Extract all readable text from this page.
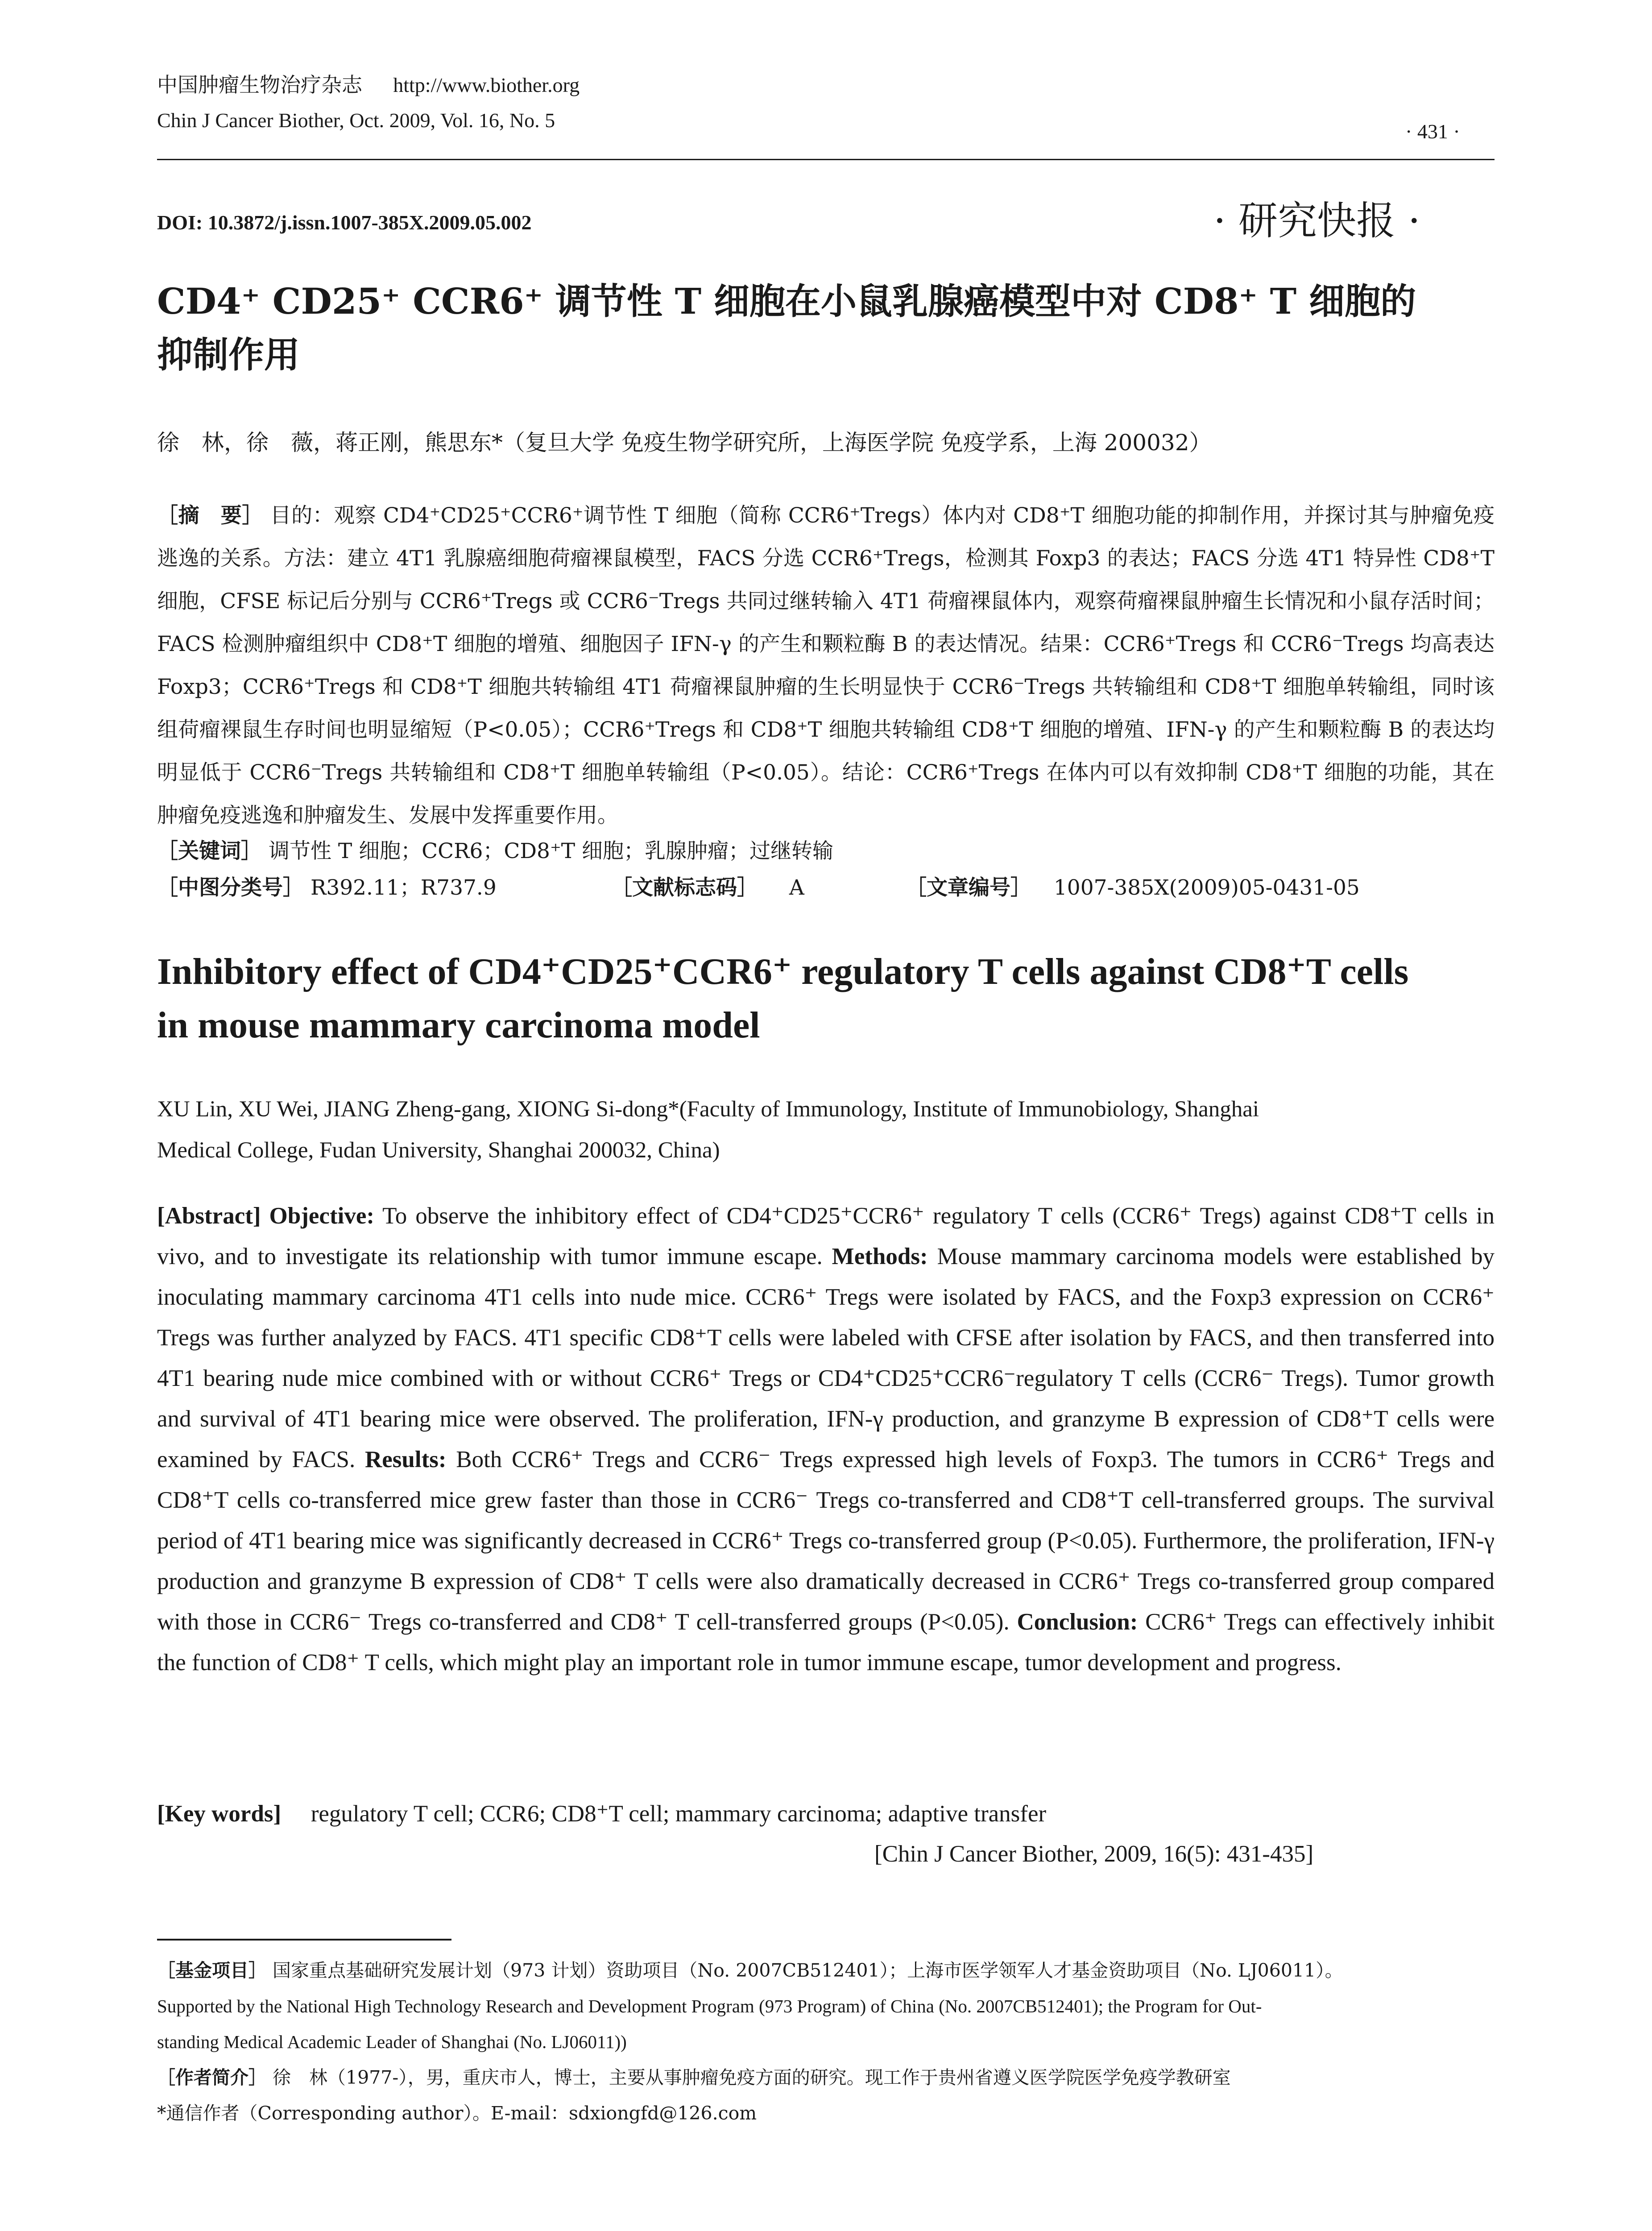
中国肿瘤生物治疗杂志 http://www.biother.org
Chin J Cancer Biother, Oct. 2009, Vol. 16, No. 5	· 431 ·
DOI: 10.3872/j.issn.1007-385X.2009.05.002	· 研究快报 ·
CD4⁺ CD25⁺ CCR6⁺ 调节性 T 细胞在小鼠乳腺癌模型中对 CD8⁺ T 细胞的
抑制作用
徐　林，徐　薇，蒋正刚，熊思东*（复旦大学 免疫生物学研究所，上海医学院 免疫学系，上海 200032）
［摘　要］ 目的：观察 CD4⁺CD25⁺CCR6⁺调节性 T 细胞（简称 CCR6⁺Tregs）体内对 CD8⁺T 细胞功能的抑制作用，并探讨其与肿瘤免疫逃逸的关系。方法：建立 4T1 乳腺癌细胞荷瘤裸鼠模型，FACS 分选 CCR6⁺Tregs，检测其 Foxp3 的表达；FACS 分选 4T1 特异性 CD8⁺T 细胞，CFSE 标记后分别与 CCR6⁺Tregs 或 CCR6⁻Tregs 共同过继转输入 4T1 荷瘤裸鼠体内，观察荷瘤裸鼠肿瘤生长情况和小鼠存活时间；FACS 检测肿瘤组织中 CD8⁺T 细胞的增殖、细胞因子 IFN-γ 的产生和颗粒酶 B 的表达情况。结果：CCR6⁺Tregs 和 CCR6⁻Tregs 均高表达 Foxp3；CCR6⁺Tregs 和 CD8⁺T 细胞共转输组 4T1 荷瘤裸鼠肿瘤的生长明显快于 CCR6⁻Tregs 共转输组和 CD8⁺T 细胞单转输组，同时该组荷瘤裸鼠生存时间也明显缩短（P<0.05）；CCR6⁺Tregs 和 CD8⁺T 细胞共转输组 CD8⁺T 细胞的增殖、IFN-γ 的产生和颗粒酶 B 的表达均明显低于 CCR6⁻Tregs 共转输组和 CD8⁺T 细胞单转输组（P<0.05）。结论：CCR6⁺Tregs 在体内可以有效抑制 CD8⁺T 细胞的功能，其在肿瘤免疫逃逸和肿瘤发生、发展中发挥重要作用。
［关键词］ 调节性 T 细胞；CCR6；CD8⁺T 细胞；乳腺肿瘤；过继转输
［中图分类号］ R392.11；R737.9	［文献标志码］ A	［文章编号］ 1007-385X(2009)05-0431-05
Inhibitory effect of CD4⁺CD25⁺CCR6⁺ regulatory T cells against CD8⁺T cells
in mouse mammary carcinoma model
XU Lin, XU Wei, JIANG Zheng-gang, XIONG Si-dong*(Faculty of Immunology, Institute of Immunobiology, Shanghai
Medical College, Fudan University, Shanghai 200032, China)
[Abstract] Objective: To observe the inhibitory effect of CD4⁺CD25⁺CCR6⁺ regulatory T cells (CCR6⁺ Tregs) against CD8⁺T cells in vivo, and to investigate its relationship with tumor immune escape. Methods: Mouse mammary carcinoma models were established by inoculating mammary carcinoma 4T1 cells into nude mice. CCR6⁺ Tregs were isolated by FACS, and the Foxp3 expression on CCR6⁺ Tregs was further analyzed by FACS. 4T1 specific CD8⁺T cells were labeled with CFSE after isolation by FACS, and then transferred into 4T1 bearing nude mice combined with or without CCR6⁺ Tregs or CD4⁺CD25⁺CCR6⁻regulatory T cells (CCR6⁻ Tregs). Tumor growth and survival of 4T1 bearing mice were observed. The proliferation, IFN-γ production, and granzyme B expression of CD8⁺T cells were examined by FACS. Results: Both CCR6⁺ Tregs and CCR6⁻ Tregs expressed high levels of Foxp3. The tumors in CCR6⁺ Tregs and CD8⁺T cells co-transferred mice grew faster than those in CCR6⁻ Tregs co-transferred and CD8⁺T cell-transferred groups. The survival period of 4T1 bearing mice was significantly decreased in CCR6⁺ Tregs co-transferred group (P<0.05). Furthermore, the proliferation, IFN-γ production and granzyme B expression of CD8⁺ T cells were also dramatically decreased in CCR6⁺ Tregs co-transferred group compared with those in CCR6⁻ Tregs co-transferred and CD8⁺ T cell-transferred groups (P<0.05). Conclusion: CCR6⁺ Tregs can effectively inhibit the function of CD8⁺ T cells, which might play an important role in tumor immune escape, tumor development and progress.
[Key words] regulatory T cell; CCR6; CD8⁺T cell; mammary carcinoma; adaptive transfer
[Chin J Cancer Biother, 2009, 16(5): 431-435]
［基金项目］ 国家重点基础研究发展计划（973 计划）资助项目（No. 2007CB512401）；上海市医学领军人才基金资助项目（No. LJ06011）。
Supported by the National High Technology Research and Development Program (973 Program) of China (No. 2007CB512401); the Program for Out-
standing Medical Academic Leader of Shanghai (No. LJ06011))
［作者简介］ 徐　林（1977-），男，重庆市人，博士，主要从事肿瘤免疫方面的研究。现工作于贵州省遵义医学院医学免疫学教研室
*通信作者（Corresponding author）。E-mail：sdxiongfd@126.com
